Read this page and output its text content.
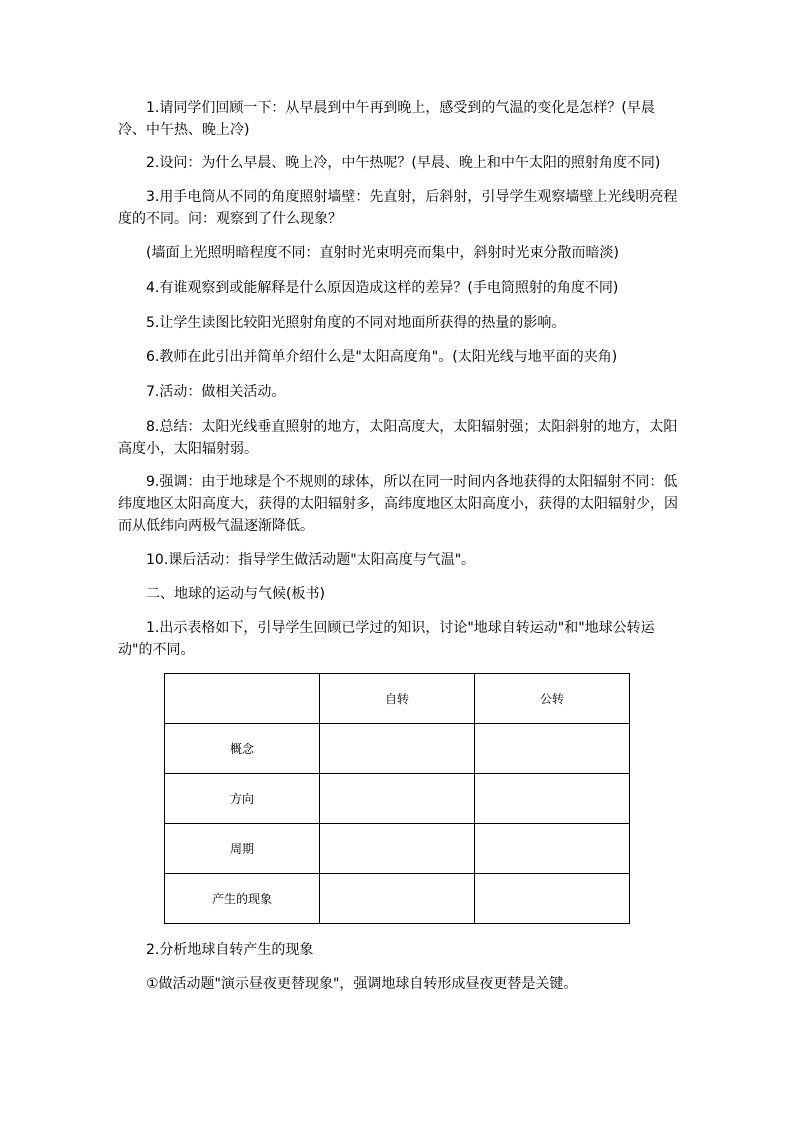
1.请同学们回顾一下：从早晨到中午再到晚上，感受到的气温的变化是怎样？(早晨冷、中午热、晚上冷)

2.设问：为什么早晨、晚上冷，中午热呢？(早晨、晚上和中午太阳的照射角度不同)

3.用手电筒从不同的角度照射墙壁：先直射，后斜射，引导学生观察墙壁上光线明亮程度的不同。问：观察到了什么现象？

(墙面上光照明暗程度不同：直射时光束明亮而集中，斜射时光束分散而暗淡)

4.有谁观察到或能解释是什么原因造成这样的差异？(手电筒照射的角度不同)

5.让学生读图比较阳光照射角度的不同对地面所获得的热量的影响。

6.教师在此引出并简单介绍什么是"太阳高度角"。(太阳光线与地平面的夹角)

7.活动：做相关活动。

8.总结：太阳光线垂直照射的地方，太阳高度大，太阳辐射强；太阳斜射的地方，太阳高度小，太阳辐射弱。

9.强调：由于地球是个不规则的球体，所以在同一时间内各地获得的太阳辐射不同：低纬度地区太阳高度大，获得的太阳辐射多，高纬度地区太阳高度小，获得的太阳辐射少，因而从低纬向两极气温逐渐降低。

10.课后活动：指导学生做活动题"太阳高度与气温"。

二、地球的运动与气候(板书)

1.出示表格如下，引导学生回顾已学过的知识，讨论"地球自转运动"和"地球公转运动"的不同。

	自转	公转
概念		
方向		
周期		
产生的现象		

2.分析地球自转产生的现象

①做活动题"演示昼夜更替现象"，强调地球自转形成昼夜更替是关键。
